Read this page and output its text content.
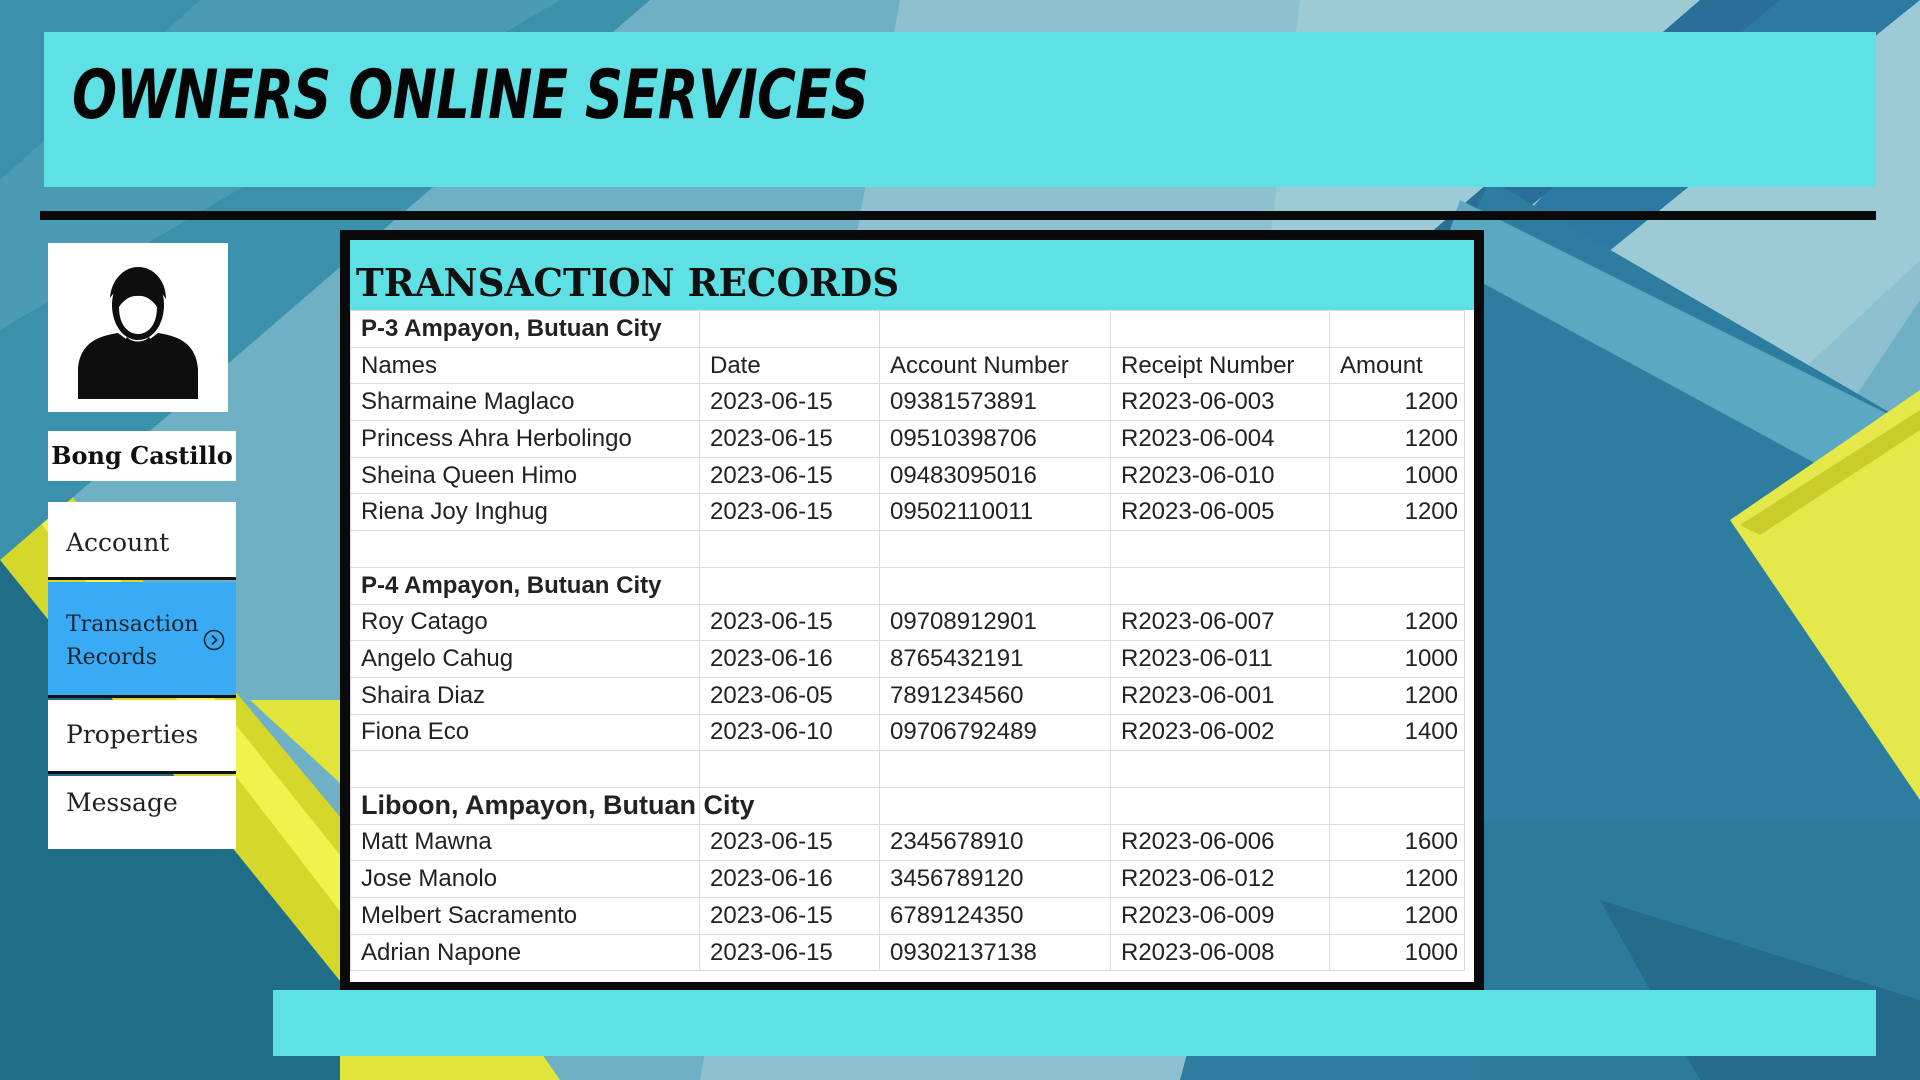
OWNERS ONLINE SERVICES
Bong Castillo
Account
Transaction Records
Properties
Message
TRANSACTION RECORDS
P-3 Ampayon, Butuan City				
Names	Date	Account Number	Receipt Number	Amount
Sharmaine Maglaco	2023-06-15	09381573891	R2023-06-003	1200
Princess Ahra Herbolingo	2023-06-15	09510398706	R2023-06-004	1200
Sheina Queen Himo	2023-06-15	09483095016	R2023-06-010	1000
Riena Joy Inghug	2023-06-15	09502110011	R2023-06-005	1200

P-4 Ampayon, Butuan City				
Roy Catago	2023-06-15	09708912901	R2023-06-007	1200
Angelo Cahug	2023-06-16	8765432191	R2023-06-011	1000
Shaira Diaz	2023-06-05	7891234560	R2023-06-001	1200
Fiona Eco	2023-06-10	09706792489	R2023-06-002	1400

Liboon, Ampayon, Butuan City				
Matt Mawna	2023-06-15	2345678910	R2023-06-006	1600
Jose Manolo	2023-06-16	3456789120	R2023-06-012	1200
Melbert Sacramento	2023-06-15	6789124350	R2023-06-009	1200
Adrian Napone	2023-06-15	09302137138	R2023-06-008	1000
